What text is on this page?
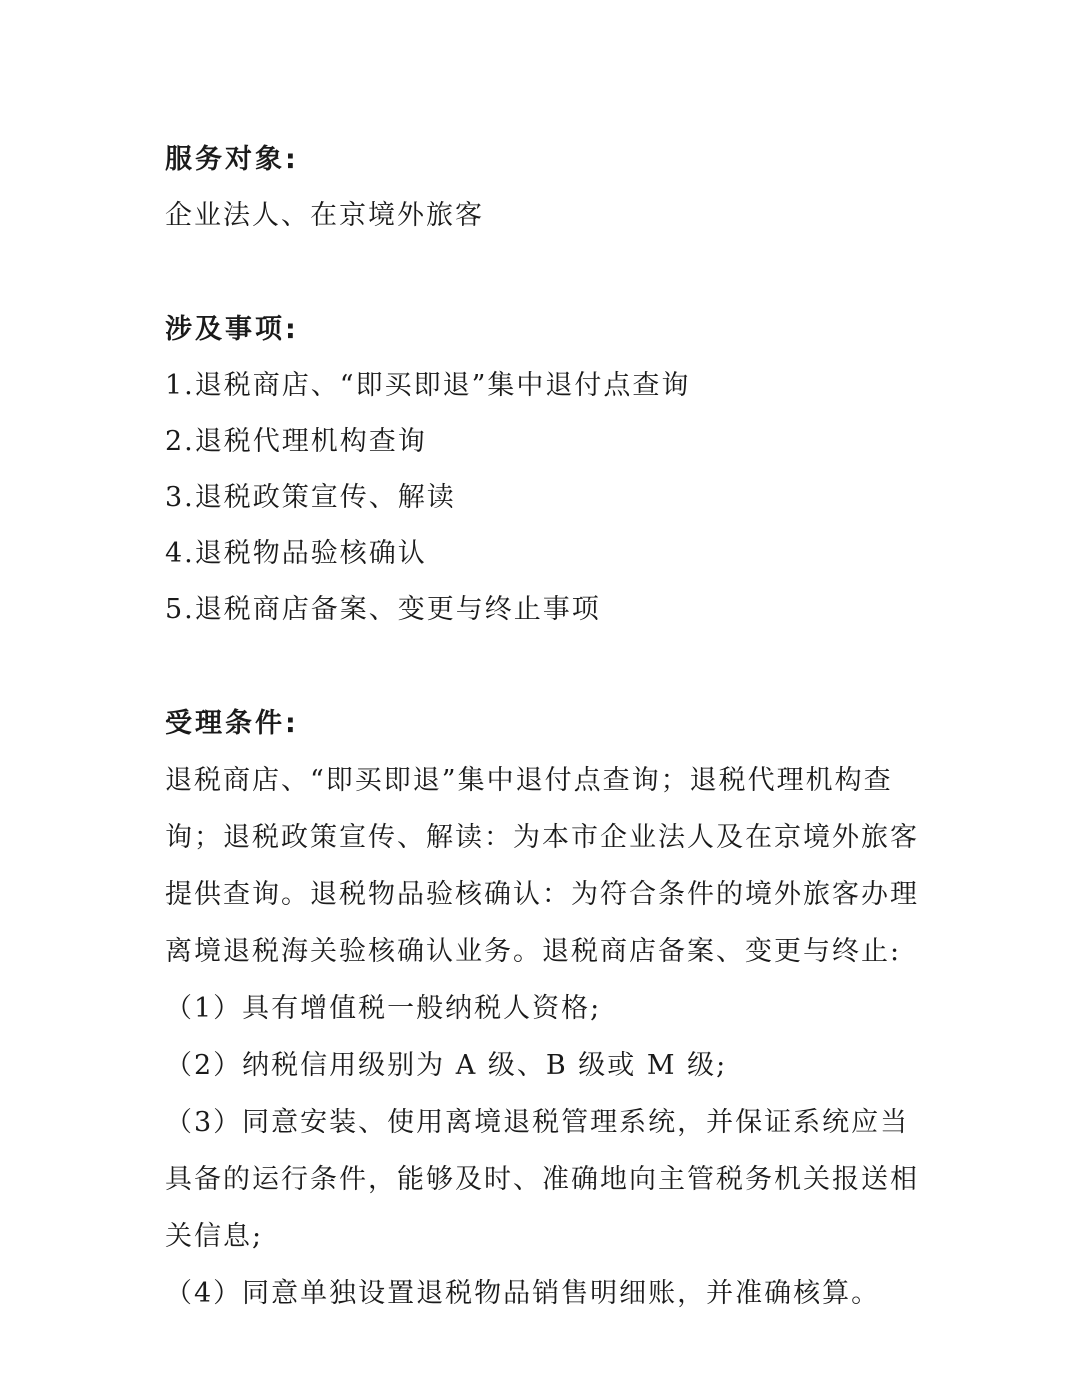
服务对象:
企业法人、在京境外旅客
涉及事项:
1.退税商店、“即买即退”集中退付点查询
2.退税代理机构查询
3.退税政策宣传、解读
4.退税物品验核确认
5.退税商店备案、变更与终止事项
受理条件:
退税商店、“即买即退”集中退付点查询；退税代理机构查
询；退税政策宣传、解读：为本市企业法人及在京境外旅客
提供查询。退税物品验核确认：为符合条件的境外旅客办理
离境退税海关验核确认业务。退税商店备案、变更与终止:
（1）具有增值税一般纳税人资格;
（2）纳税信用级别为 A 级、B 级或 M 级;
（3）同意安装、使用离境退税管理系统，并保证系统应当
具备的运行条件，能够及时、准确地向主管税务机关报送相
关信息;
（4）同意单独设置退税物品销售明细账，并准确核算。
